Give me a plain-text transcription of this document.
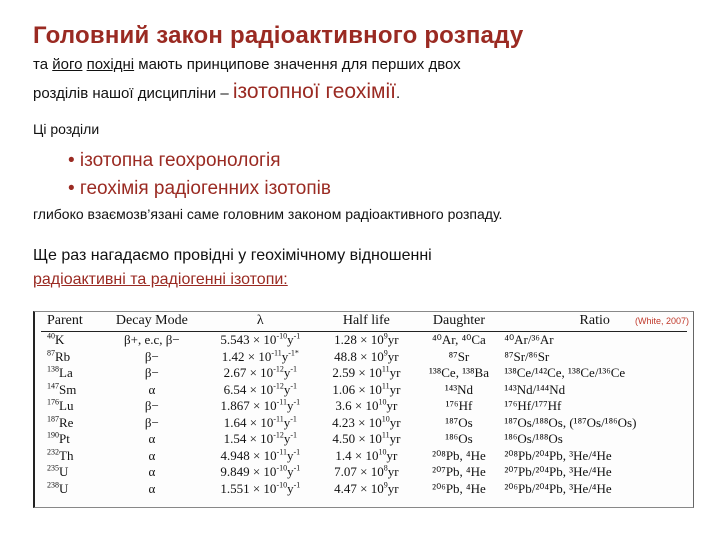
Головний закон радіоактивного розпаду
та його похідні мають принципове значення для перших двох
розділів нашої дисципліни – ізотопної геохімії.
Ці розділи
• ізотопна геохронологія
• геохімія радіогенних ізотопів
глибоко взаємозв’язані саме головним законом радіоактивного розпаду.
Ще раз нагадаємо провідні у геохімічному відношенні
радіоактивні та радіогенні ізотопи:
(White, 2007)
Parent	Decay Mode	λ	Half life	Daughter	Ratio
$^{40}$K	β+, e.c, β−	$5.543 \times 10^{-10}y^{-1}$	$1.28 \times 10^9yr$	⁴⁰Ar, ⁴⁰Ca	⁴⁰Ar/³⁶Ar
$^{87}$Rb	β−	$1.42 \times 10^{-11}y^{-1*}$	$48.8 \times 10^9yr$	⁸⁷Sr	⁸⁷Sr/⁸⁶Sr
$^{138}$La	β−	$2.67 \times 10^{-12}y^{-1}$	$2.59 \times 10^{11}yr$	¹³⁸Ce, ¹³⁸Ba	¹³⁸Ce/¹⁴²Ce, ¹³⁸Ce/¹³⁶Ce
$^{147}$Sm	α	$6.54 \times 10^{-12}y^{-1}$	$1.06 \times 10^{11}yr$	¹⁴³Nd	¹⁴³Nd/¹⁴⁴Nd
$^{176}$Lu	β−	$1.867 \times 10^{-11}y^{-1}$	$3.6 \times 10^{10}yr$	¹⁷⁶Hf	¹⁷⁶Hf/¹⁷⁷Hf
$^{187}$Re	β−	$1.64 \times 10^{-11}y^{-1}$	$4.23 \times 10^{10}yr$	¹⁸⁷Os	¹⁸⁷Os/¹⁸⁸Os, (¹⁸⁷Os/¹⁸⁶Os)
$^{190}$Pt	α	$1.54 \times 10^{-12}y^{-1}$	$4.50 \times 10^{11}yr$	¹⁸⁶Os	¹⁸⁶Os/¹⁸⁸Os
$^{232}$Th	α	$4.948 \times 10^{-11}y^{-1}$	$1.4 \times 10^{10}yr$	²⁰⁸Pb, ⁴He	²⁰⁸Pb/²⁰⁴Pb, ³He/⁴He
$^{235}$U	α	$9.849 \times 10^{-10}y^{-1}$	$7.07 \times 10^8yr$	²⁰⁷Pb, ⁴He	²⁰⁷Pb/²⁰⁴Pb, ³He/⁴He
$^{238}$U	α	$1.551 \times 10^{-10}y^{-1}$	$4.47 \times 10^9yr$	²⁰⁶Pb, ⁴He	²⁰⁶Pb/²⁰⁴Pb, ³He/⁴He
